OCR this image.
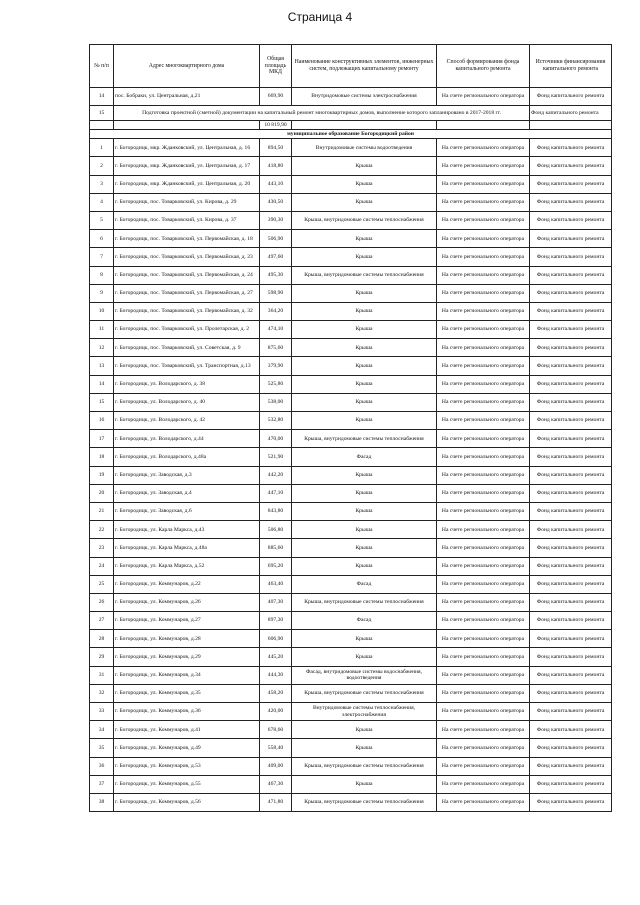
Страница 4
№ п/п	Адрес многоквартирного дома	Общая площадь МКД	Наименование конструктивных элементов, инженерных систем, подлежащих капитальному ремонту	Способ формирования фонда капитального ремонта	Источники финансирования капитального ремонта
14	пос. Бобраки, ул. Центральная, д.21	669,90	Внутридомовые системы электроснабжения	На счете регионального оператора	Фонд капитального ремонта
15	Подготовка проектной (сметной) документации на капитальный ремонт многоквартирных домов, выполнение которого запланировано в 2017-2018 гг.				Фонд капитального ремонта
		10 819,90			
муниципальное образование Богородицкий район					
1	г. Богородицк, мкр. Жданковский, ул. Центральная, д. 16	894,50	Внутридомовые системы водоотведения	На счете регионального оператора	Фонд капитального ремонта
2	г. Богородицк, мкр. Жданковский, ул. Центральная, д. 17	418,80	Крыша	На счете регионального оператора	Фонд капитального ремонта
3	г. Богородицк, мкр. Жданковский, ул. Центральная, д. 20	443,10	Крыша	На счете регионального оператора	Фонд капитального ремонта
4	г. Богородицк, пос. Товарковский, ул. Кирова, д. 29	430,50	Крыша	На счете регионального оператора	Фонд капитального ремонта
5	г. Богородицк, пос. Товарковский, ул. Кирова, д. 37	390,30	Крыша, внутридомовые системы теплоснабжения	На счете регионального оператора	Фонд капитального ремонта
6	г. Богородицк, пос. Товарковский, ул. Первомайская, д. 18	506,90	Крыша	На счете регионального оператора	Фонд капитального ремонта
7	г. Богородицк, пос. Товарковский, ул. Первомайская, д. 23	497,60	Крыша	На счете регионального оператора	Фонд капитального ремонта
8	г. Богородицк, пос. Товарковский, ул. Первомайская, д. 24	495,30	Крыша, внутридомовые системы теплоснабжения	На счете регионального оператора	Фонд капитального ремонта
9	г. Богородицк, пос. Товарковский, ул. Первомайская, д. 27	598,90	Крыша	На счете регионального оператора	Фонд капитального ремонта
10	г. Богородицк, пос. Товарковский, ул. Первомайская, д. 32	364,20	Крыша	На счете регионального оператора	Фонд капитального ремонта
11	г. Богородицк, пос. Товарковский, ул. Пролетарская, д. 2	474,10	Крыша	На счете регионального оператора	Фонд капитального ремонта
12	г. Богородицк, пос. Товарковский, ул. Советская, д. 9	875,60	Крыша	На счете регионального оператора	Фонд капитального ремонта
13	г. Богородицк, пос. Товарковский, ул. Транспортная, д.13	379,90	Крыша	На счете регионального оператора	Фонд капитального ремонта
14	г. Богородицк, ул. Володарского, д. 38	525,80	Крыша	На счете регионального оператора	Фонд капитального ремонта
15	г. Богородицк, ул. Володарского, д. 40	538,00	Крыша	На счете регионального оператора	Фонд капитального ремонта
16	г. Богородицк, ул. Володарского, д. 42	532,80	Крыша	На счете регионального оператора	Фонд капитального ремонта
17	г. Богородицк, ул. Володарского, д.44	470,00	Крыша, внутридомовые системы теплоснабжения	На счете регионального оператора	Фонд капитального ремонта
18	г. Богородицк, ул. Володарского, д.48а	521,90	Фасад	На счете регионального оператора	Фонд капитального ремонта
19	г. Богородицк, ул. Заводская, д.3	442,20	Крыша	На счете регионального оператора	Фонд капитального ремонта
20	г. Богородицк, ул. Заводская, д.4	447,10	Крыша	На счете регионального оператора	Фонд капитального ремонта
21	г. Богородицк, ул. Заводская, д.6	843,80	Крыша	На счете регионального оператора	Фонд капитального ремонта
22	г. Богородицк, ул. Карла Маркса, д.43	506,80	Крыша	На счете регионального оператора	Фонд капитального ремонта
23	г. Богородицк, ул. Карла Маркса, д.48а	885,60	Крыша	На счете регионального оператора	Фонд капитального ремонта
24	г. Богородицк, ул. Карла Маркса, д.52	695,20	Крыша	На счете регионального оператора	Фонд капитального ремонта
25	г. Богородицк, ул. Коммунаров, д.22	463,40	Фасад	На счете регионального оператора	Фонд капитального ремонта
26	г. Богородицк, ул. Коммунаров, д.26	407,30	Крыша, внутридомовые системы теплоснабжения	На счете регионального оператора	Фонд капитального ремонта
27	г. Богородицк, ул. Коммунаров, д.27	897,30	Фасад	На счете регионального оператора	Фонд капитального ремонта
28	г. Богородицк, ул. Коммунаров, д.28	606,90	Крыша	На счете регионального оператора	Фонд капитального ремонта
29	г. Богородицк, ул. Коммунаров, д.29	445,20	Крыша	На счете регионального оператора	Фонд капитального ремонта
31	г. Богородицк, ул. Коммунаров, д.34	444,30	Фасад, внутридомовые системы водоснабжения, водоотведения	На счете регионального оператора	Фонд капитального ремонта
32	г. Богородицк, ул. Коммунаров, д.35	458,20	Крыша, внутридомовые системы теплоснабжения	На счете регионального оператора	Фонд капитального ремонта
33	г. Богородицк, ул. Коммунаров, д.36	420,00	Внутридомовые системы теплоснабжения, электроснабжения	На счете регионального оператора	Фонд капитального ремонта
34	г. Богородицк, ул. Коммунаров, д.41	678,60	Крыша	На счете регионального оператора	Фонд капитального ремонта
35	г. Богородицк, ул. Коммунаров, д.49	558,40	Крыша	На счете регионального оператора	Фонд капитального ремонта
36	г. Богородицк, ул. Коммунаров, д.53	409,00	Крыша, внутридомовые системы теплоснабжения	На счете регионального оператора	Фонд капитального ремонта
37	г. Богородицк, ул. Коммунаров, д.55	467,30	Крыша	На счете регионального оператора	Фонд капитального ремонта
38	г. Богородицк, ул. Коммунаров, д.56	471,80	Крыша, внутридомовые системы теплоснабжения	На счете регионального оператора	Фонд капитального ремонта
